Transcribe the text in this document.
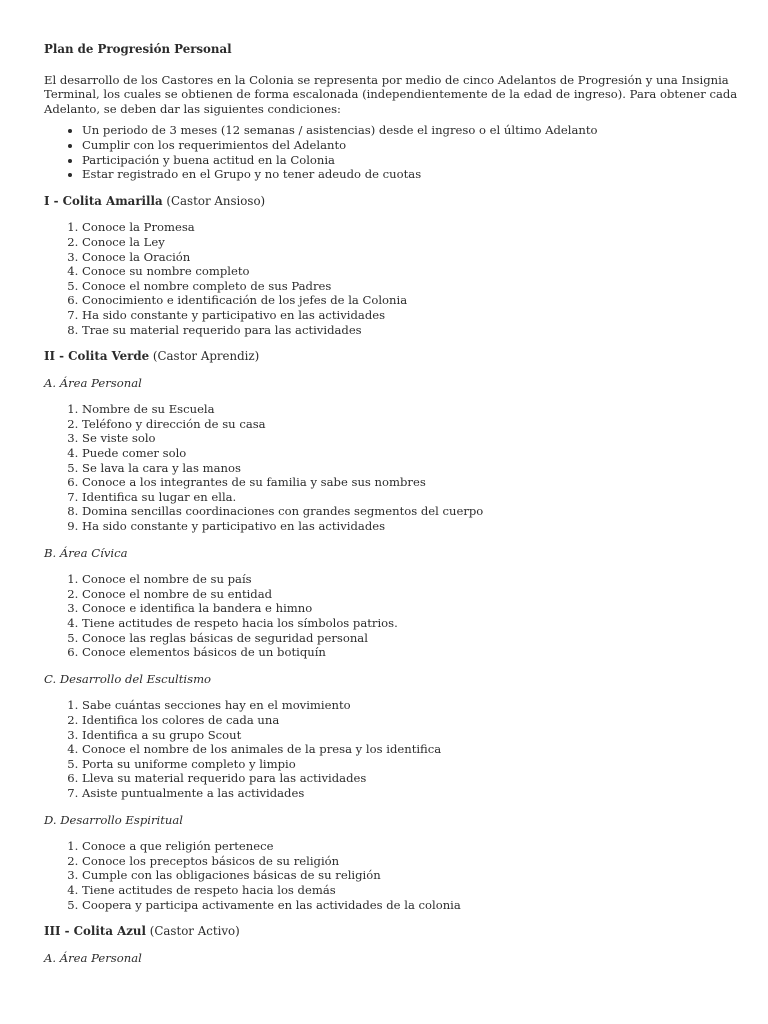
Plan de Progresión Personal

El desarrollo de los Castores en la Colonia se representa por medio de cinco Adelantos de Progresión y una Insignia Terminal, los cuales se obtienen de forma escalonada (independientemente de la edad de ingreso). Para obtener cada Adelanto, se deben dar las siguientes condiciones:

• Un periodo de 3 meses (12 semanas / asistencias) desde el ingreso o el último Adelanto
• Cumplir con los requerimientos del Adelanto
• Participación y buena actitud en la Colonia
• Estar registrado en el Grupo y no tener adeudo de cuotas
I - Colita Amarilla (Castor Ansioso)
1. Conoce la Promesa
2. Conoce la Ley
3. Conoce la Oración
4. Conoce su nombre completo
5. Conoce el nombre completo de sus Padres
6. Conocimiento e identificación de los jefes de la Colonia
7. Ha sido constante y participativo en las actividades
8. Trae su material requerido para las actividades
II - Colita Verde (Castor Aprendiz)

A. Área Personal

1. Nombre de su Escuela
2. Teléfono y dirección de su casa
3. Se viste solo
4. Puede comer solo
5. Se lava la cara y las manos
6. Conoce a los integrantes de su familia y sabe sus nombres
7. Identifica su lugar en ella.
8. Domina sencillas coordinaciones con grandes segmentos del cuerpo
9. Ha sido constante y participativo en las actividades

B. Área Cívica

1. Conoce el nombre de su país
2. Conoce el nombre de su entidad
3. Conoce e identifica la bandera e himno
4. Tiene actitudes de respeto hacia los símbolos patrios.
5. Conoce las reglas básicas de seguridad personal
6. Conoce elementos básicos de un botiquín

C. Desarrollo del Escultismo

1. Sabe cuántas secciones hay en el movimiento
2. Identifica los colores de cada una
3. Identifica a su grupo Scout
4. Conoce el nombre de los animales de la presa y los identifica
5. Porta su uniforme completo y limpio
6. Lleva su material requerido para las actividades
7. Asiste puntualmente a las actividades

D. Desarrollo Espiritual

1. Conoce a que religión pertenece
2. Conoce los preceptos básicos de su religión
3. Cumple con las obligaciones básicas de su religión
4. Tiene actitudes de respeto hacia los demás
5. Coopera y participa activamente en las actividades de la colonia
III - Colita Azul (Castor Activo)

A. Área Personal
